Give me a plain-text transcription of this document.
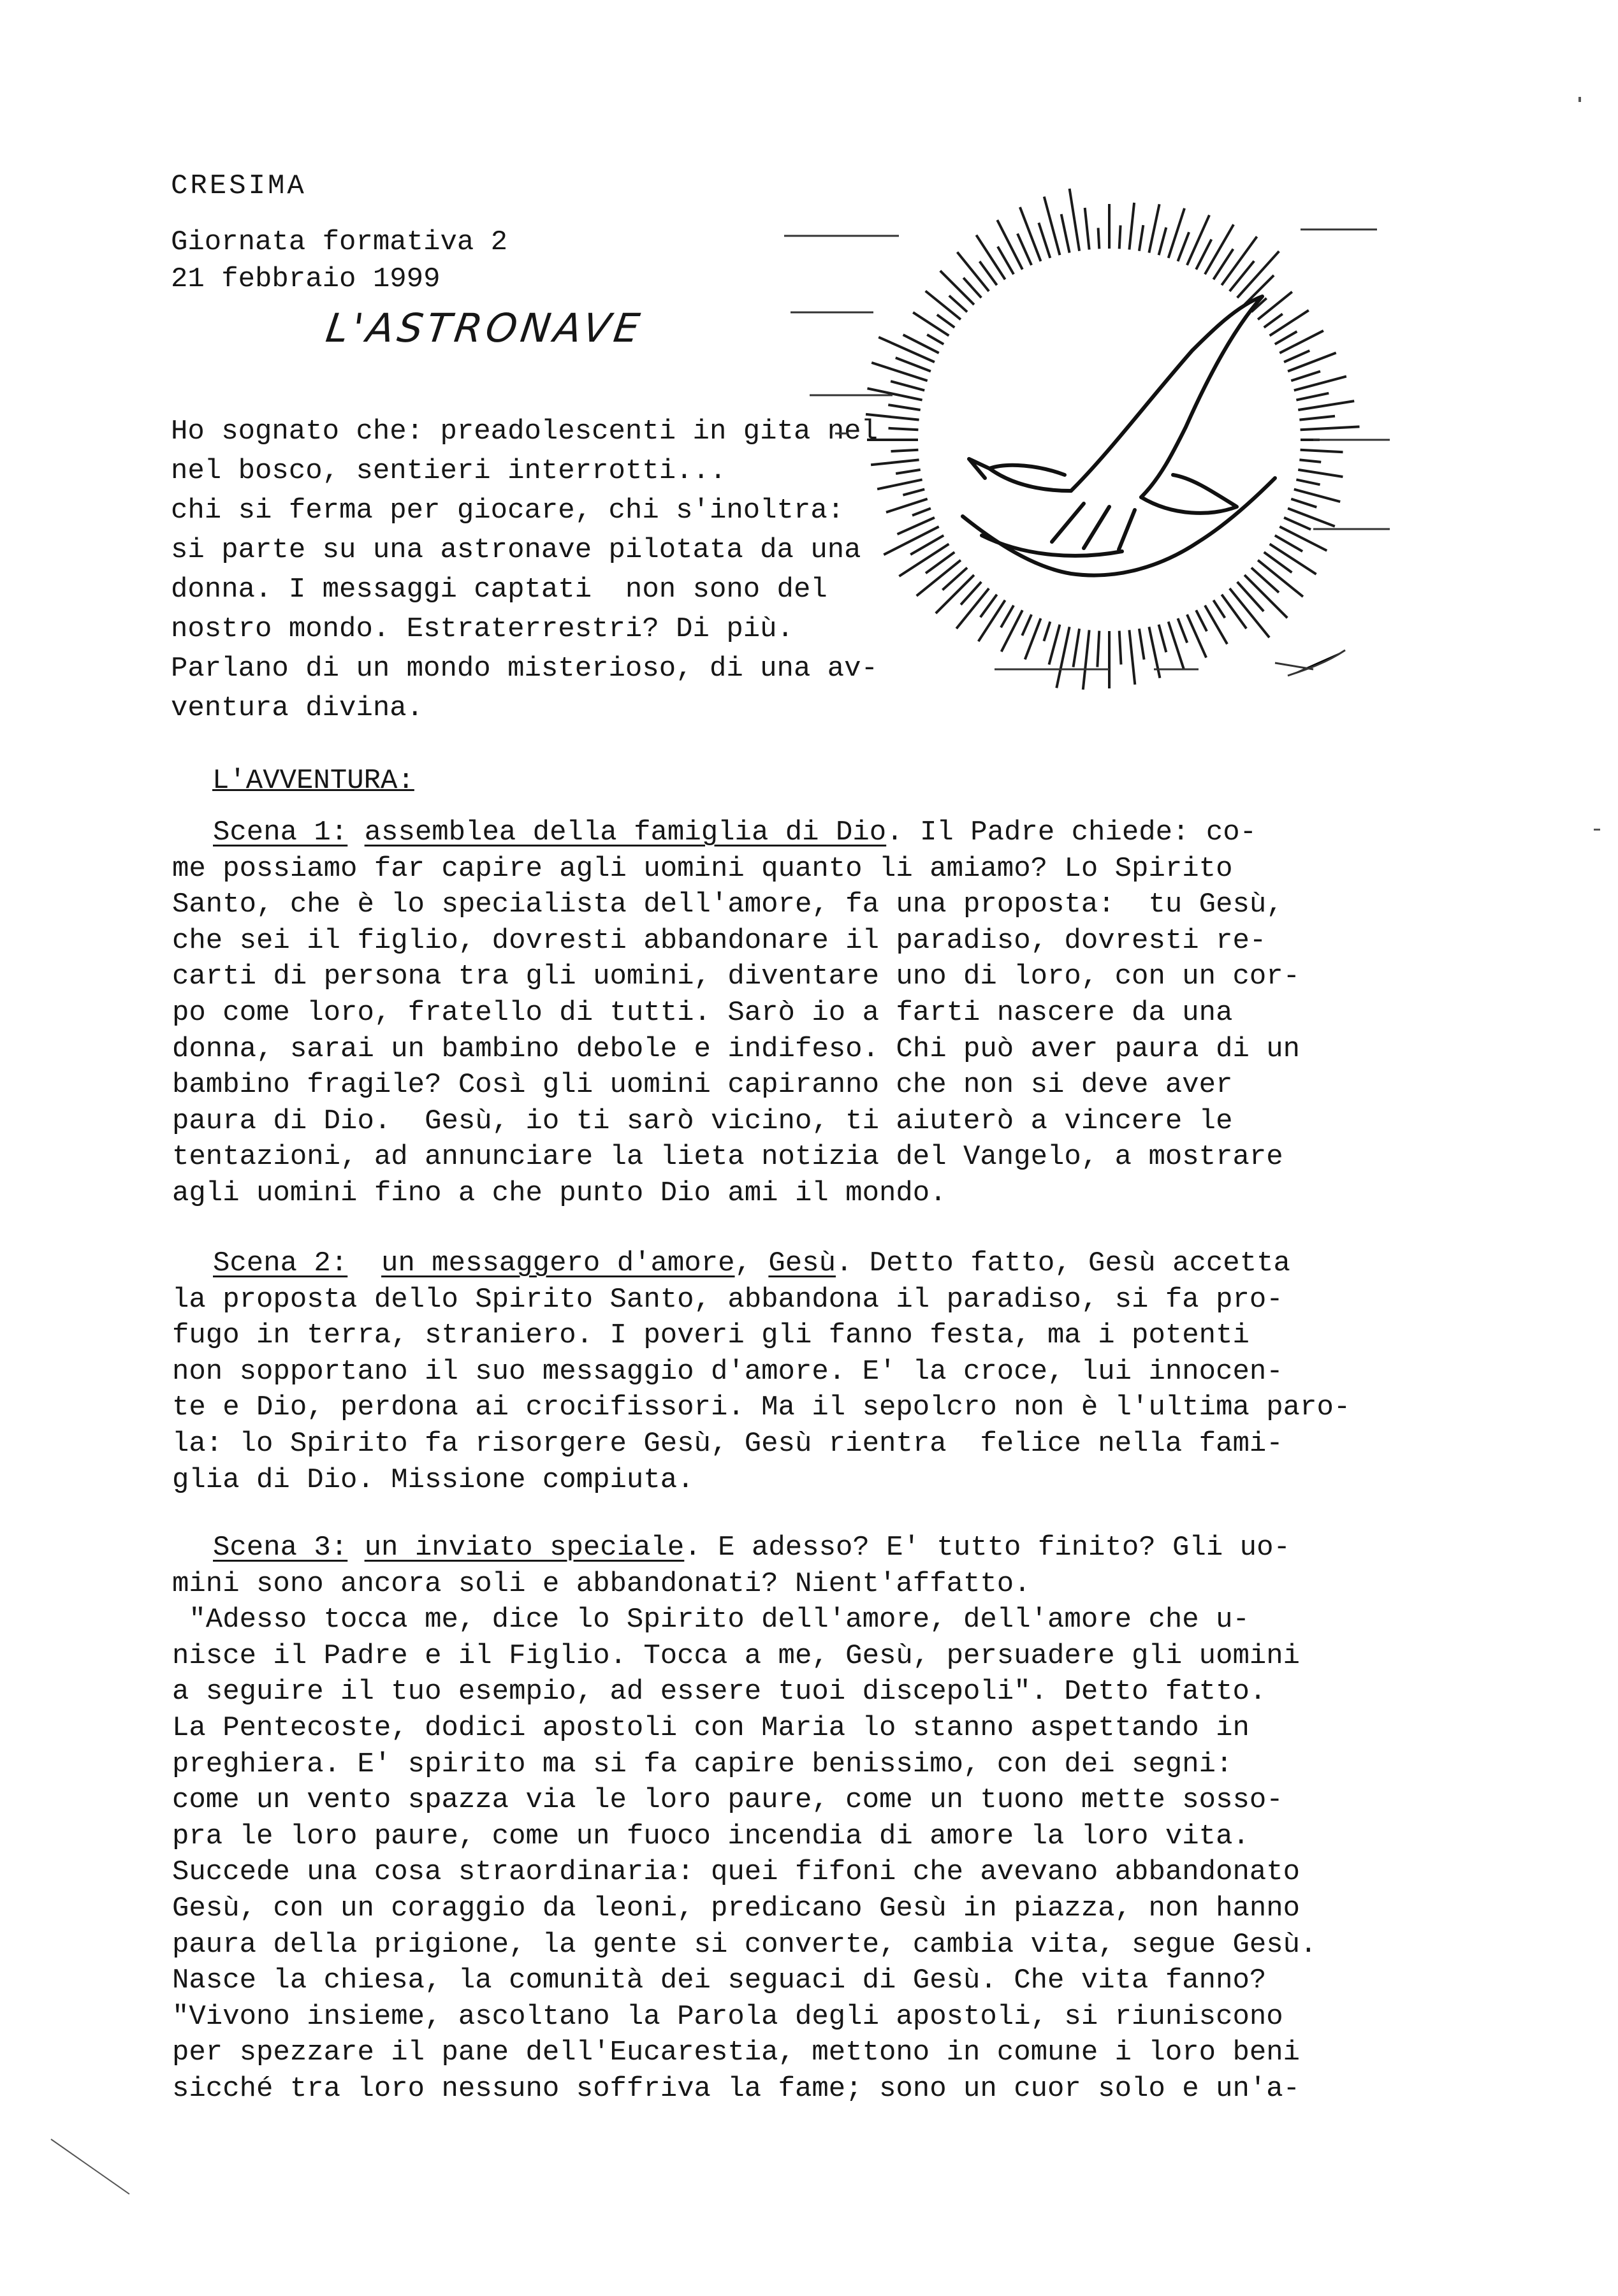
CRESIMA
Giornata formativa 2
21 febbraio 1999
L'ASTRONAVE
Ho sognato che: preadolescenti in gita nel
nel bosco, sentieri interrotti...
chi si ferma per giocare, chi s'inoltra:
si parte su una astronave pilotata da una
donna. I messaggi captati  non sono del
nostro mondo. Estraterrestri? Di più.
Parlano di un mondo misterioso, di una av-
ventura divina.
L'AVVENTURA:
Scena 1: assemblea della famiglia di Dio. Il Padre chiede: co-
me possiamo far capire agli uomini quanto li amiamo? Lo Spirito
Santo, che è lo specialista dell'amore, fa una proposta:  tu Gesù,
che sei il figlio, dovresti abbandonare il paradiso, dovresti re-
carti di persona tra gli uomini, diventare uno di loro, con un cor-
po come loro, fratello di tutti. Sarò io a farti nascere da una
donna, sarai un bambino debole e indifeso. Chi può aver paura di un
bambino fragile? Così gli uomini capiranno che non si deve aver
paura di Dio.  Gesù, io ti sarò vicino, ti aiuterò a vincere le
tentazioni, ad annunciare la lieta notizia del Vangelo, a mostrare
agli uomini fino a che punto Dio ami il mondo.
Scena 2: un messaggero d'amore, Gesù. Detto fatto, Gesù accetta
la proposta dello Spirito Santo, abbandona il paradiso, si fa pro-
fugo in terra, straniero. I poveri gli fanno festa, ma i potenti
non sopportano il suo messaggio d'amore. E' la croce, lui innocen-
te e Dio, perdona ai crocifissori. Ma il sepolcro non è l'ultima paro-
la: lo Spirito fa risorgere Gesù, Gesù rientra  felice nella fami-
glia di Dio. Missione compiuta.
Scena 3: un inviato speciale. E adesso? E' tutto finito? Gli uo-
mini sono ancora soli e abbandonati? Nient'affatto.
"Adesso tocca me, dice lo Spirito dell'amore, dell'amore che u-
nisce il Padre e il Figlio. Tocca a me, Gesù, persuadere gli uomini
a seguire il tuo esempio, ad essere tuoi discepoli". Detto fatto.
La Pentecoste, dodici apostoli con Maria lo stanno aspettando in
preghiera. E' spirito ma si fa capire benissimo, con dei segni:
come un vento spazza via le loro paure, come un tuono mette sosso-
pra le loro paure, come un fuoco incendia di amore la loro vita.
Succede una cosa straordinaria: quei fifoni che avevano abbandonato
Gesù, con un coraggio da leoni, predicano Gesù in piazza, non hanno
paura della prigione, la gente si converte, cambia vita, segue Gesù.
Nasce la chiesa, la comunità dei seguaci di Gesù. Che vita fanno?
"Vivono insieme, ascoltano la Parola degli apostoli, si riuniscono
per spezzare il pane dell'Eucarestia, mettono in comune i loro beni
sicché tra loro nessuno soffriva la fame; sono un cuor solo e un'a-
